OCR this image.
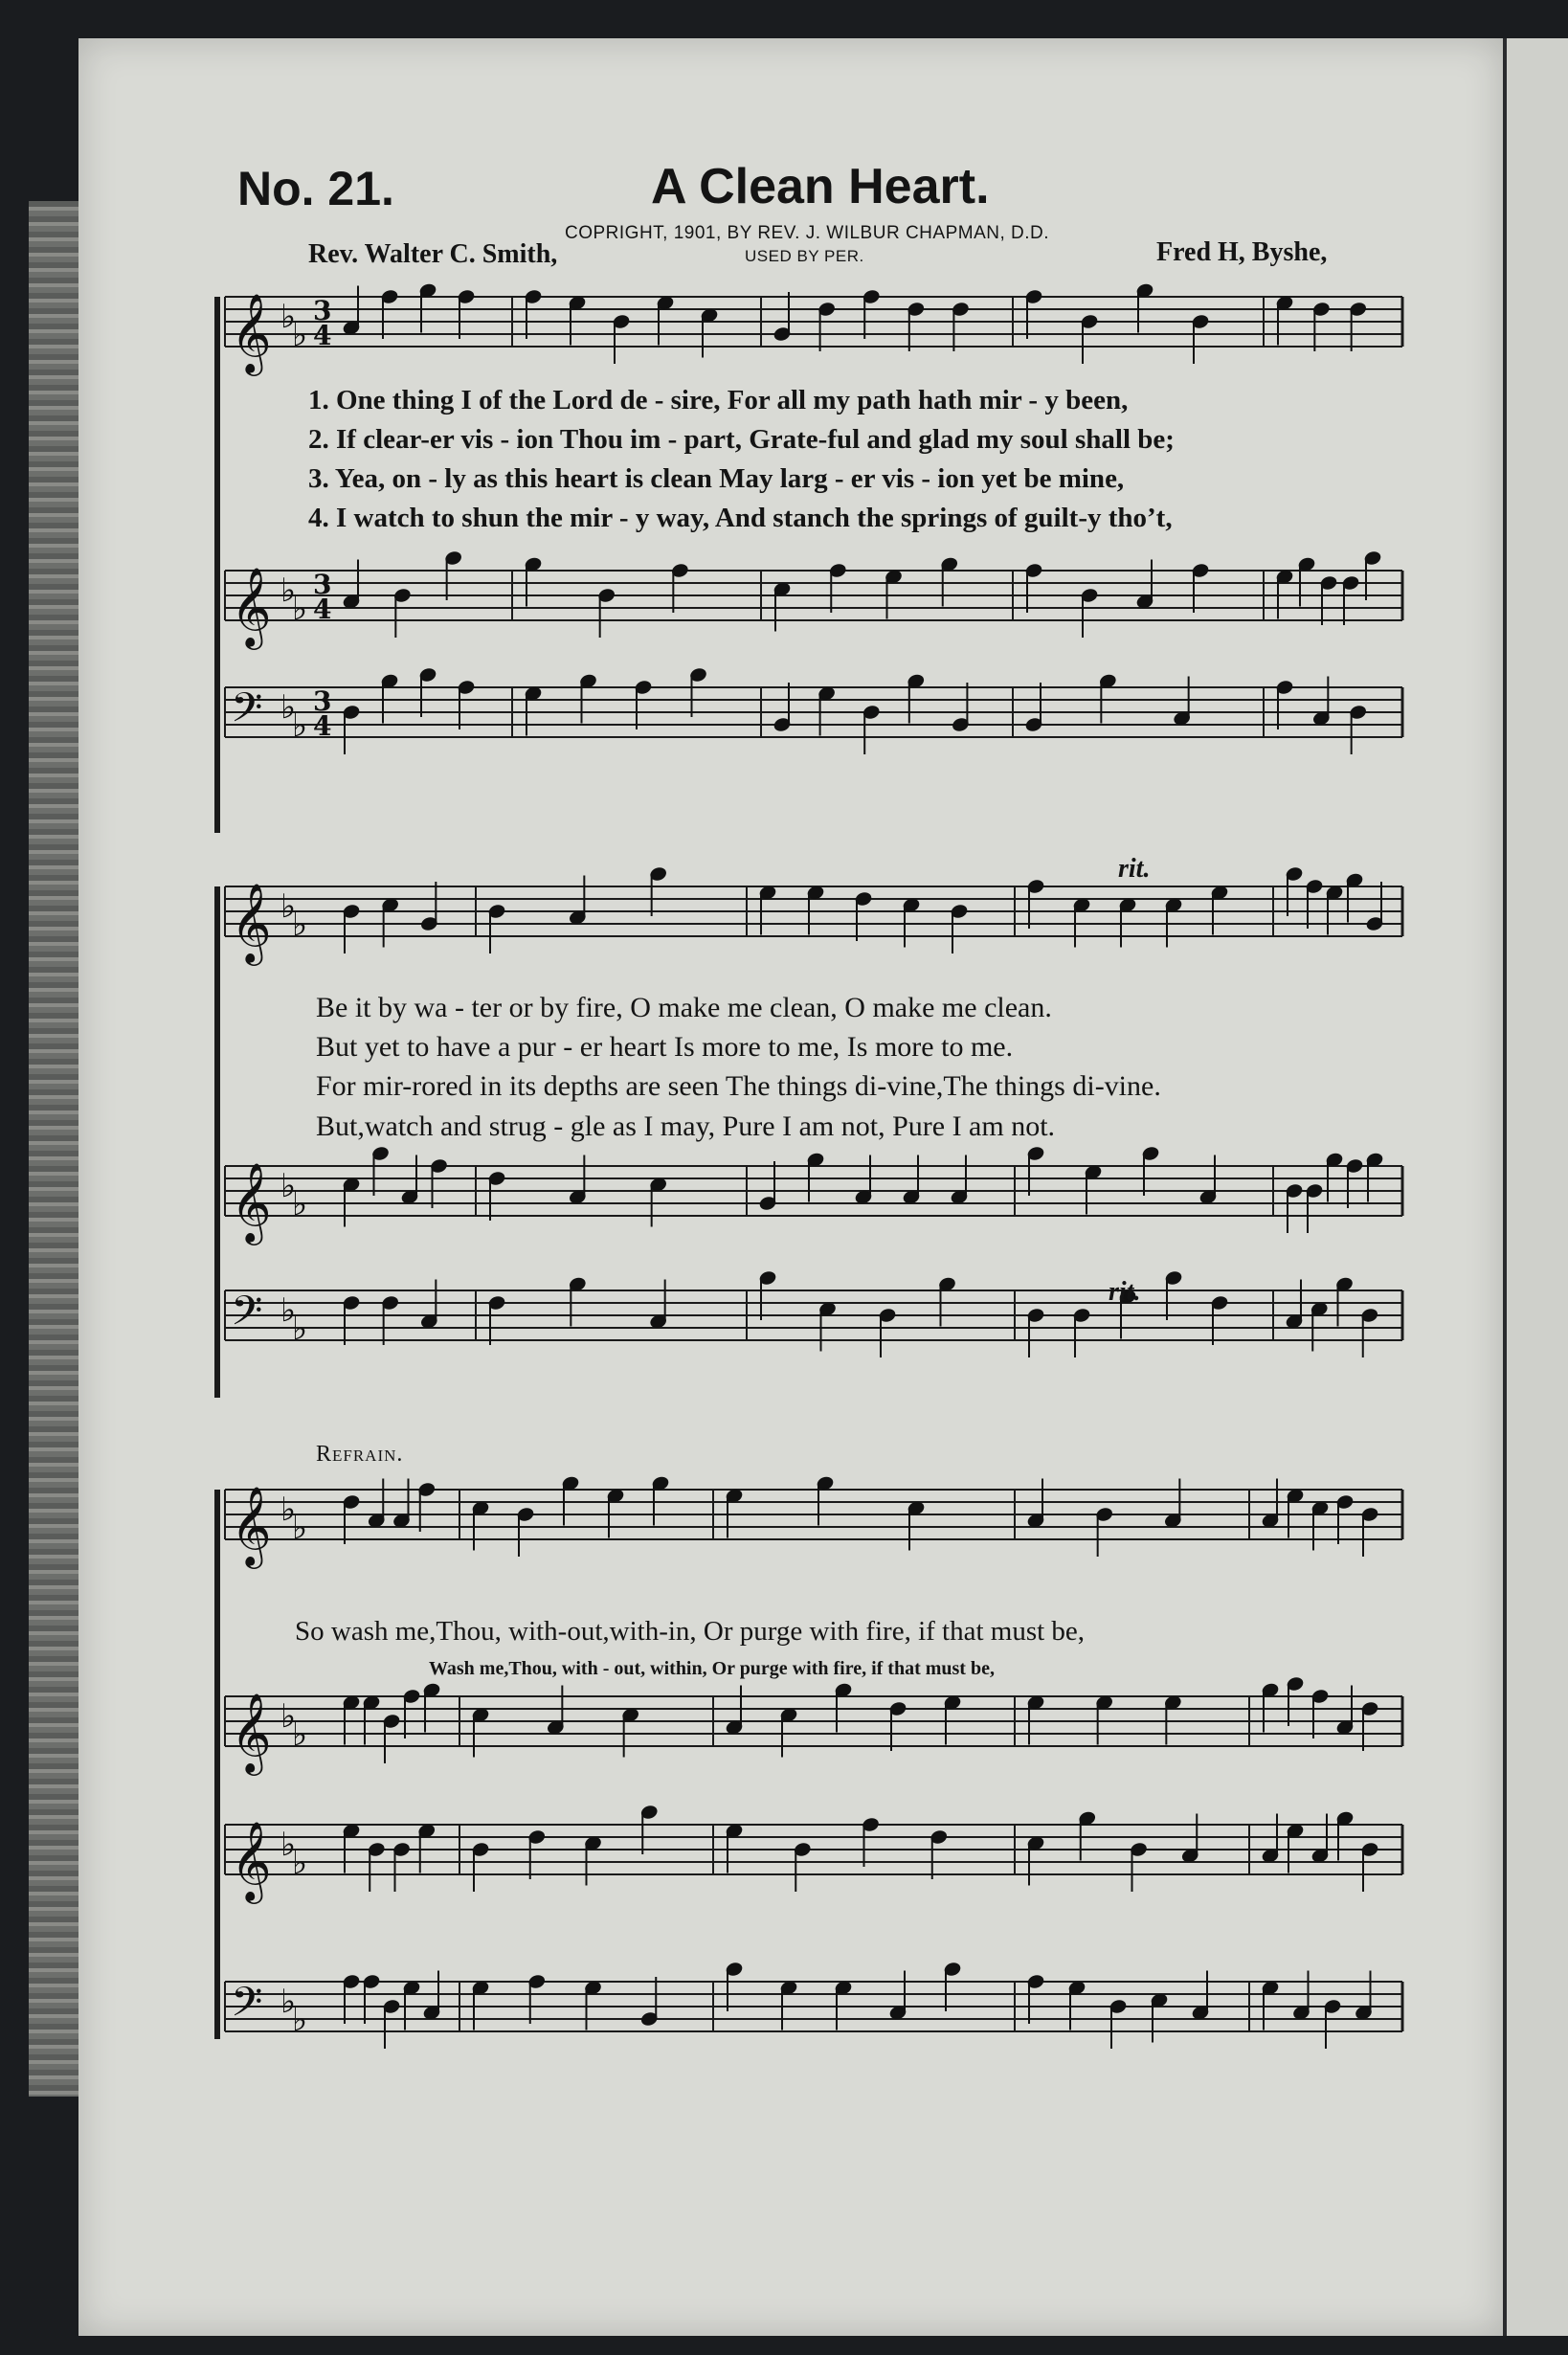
No. 21.	A Clean Heart.
COPRIGHT, 1901, BY REV. J. WILBUR CHAPMAN, D.D.
USED BY PER.
Rev. Walter C. Smith,	Fred H, Byshe,
𝄞 ♭
♭
𝄞 ♭
♭
𝄢 ♭
♭
𝄞 ♭
♭
𝄞 ♭
♭
𝄢 ♭
♭
𝄞 ♭
♭
𝄞 ♭
♭
𝄞 ♭
♭
𝄢 ♭
♭
3
4
3
4
3
4
1. One thing I of the Lord de - sire, For all my path hath mir - y been,
2. If clear-er vis - ion Thou im - part, Grate-ful and glad my soul shall be;
3. Yea, on - ly as this heart is clean May larg - er vis - ion yet be mine,
4. I watch to shun the mir - y way, And stanch the springs of guilt-y tho’t,
Be it by wa - ter or by fire, O make me clean, O make me clean.
But yet to have a pur - er heart Is more to me, Is more to me.
For mir-rored in its depths are seen The things di-vine,The things di-vine.
But,watch and strug - gle as I may, Pure I am not, Pure I am not.
rit.
rit.
Refrain.
So wash me,Thou, with-out,with-in, Or purge with fire, if that must be,
Wash me,Thou, with - out, within, Or purge with fire, if that must be,
